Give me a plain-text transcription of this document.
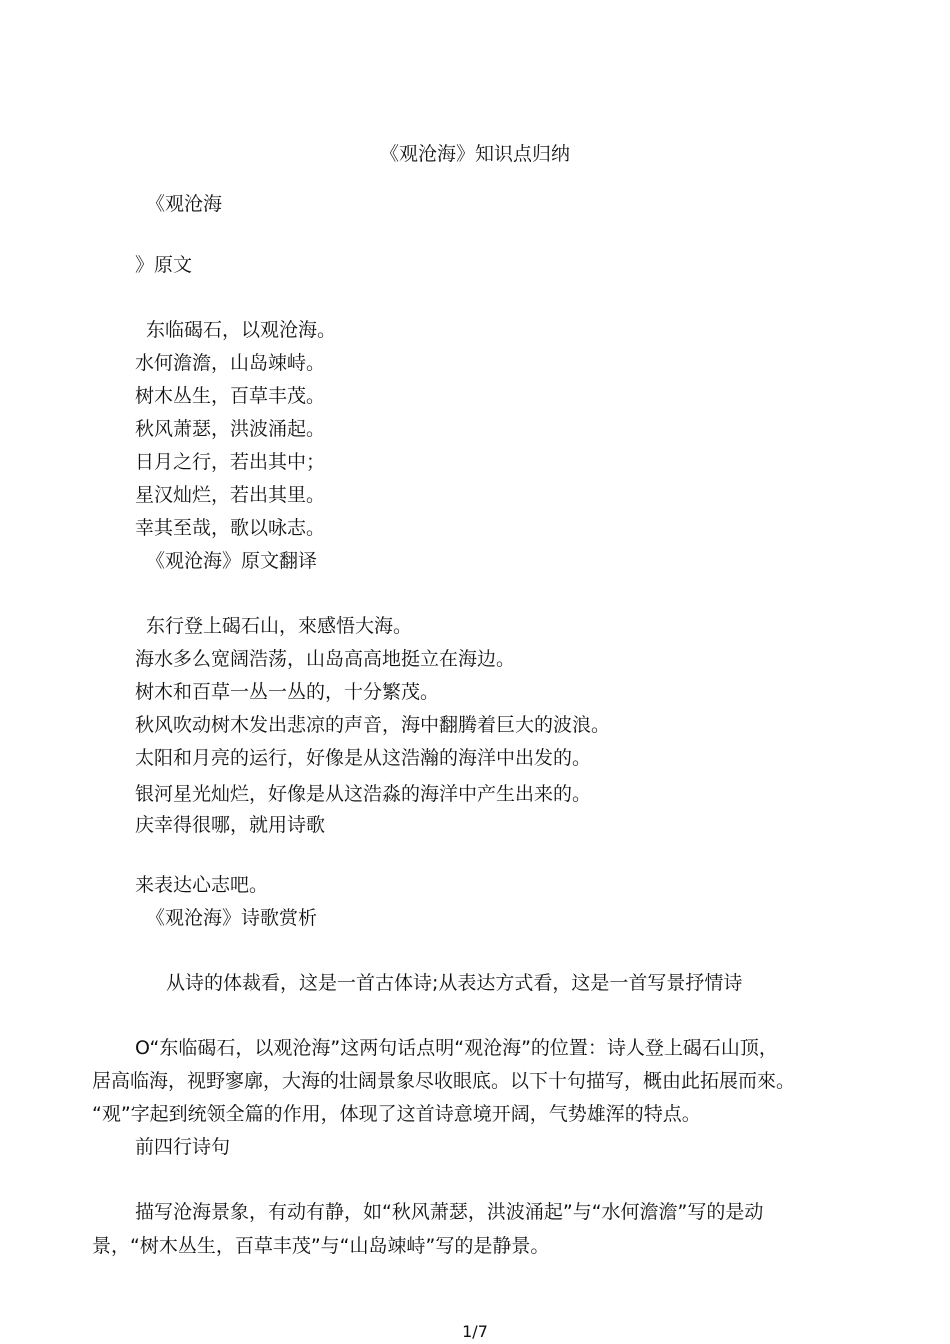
《观沧海》知识点归纳
《观沧海
》原文
东临碣石，以观沧海。
水何澹澹，山岛竦峙。
树木丛生，百草丰茂。
秋风萧瑟，洪波涌起。
日月之行，若出其中；
星汉灿烂，若出其里。
幸其至哉，歌以咏志。
《观沧海》原文翻译
东行登上碣石山，來感悟大海。
海水多么宽阔浩荡，山岛高高地挺立在海边。
树木和百草一丛一丛的，十分繁茂。
秋风吹动树木发出悲凉的声音，海中翻腾着巨大的波浪。
太阳和月亮的运行，好像是从这浩瀚的海洋中出发的。
银河星光灿烂，好像是从这浩淼的海洋中产生出来的。
庆幸得很哪，就用诗歌
来表达心志吧。
《观沧海》诗歌赏析
从诗的体裁看，这是一首古体诗;从表达方式看，这是一首写景抒情诗
O“东临碣石，以观沧海”这两句话点明“观沧海”的位置：诗人登上碣石山顶，
居高临海，视野寥廓，大海的壮阔景象尽收眼底。以下十句描写，概由此拓展而來。
“观”字起到统领全篇的作用，体现了这首诗意境开阔，气势雄浑的特点。
前四行诗句
描写沧海景象，有动有静，如“秋风萧瑟，洪波涌起”与“水何澹澹”写的是动
景，“树木丛生，百草丰茂”与“山岛竦峙”写的是静景。
1/7
